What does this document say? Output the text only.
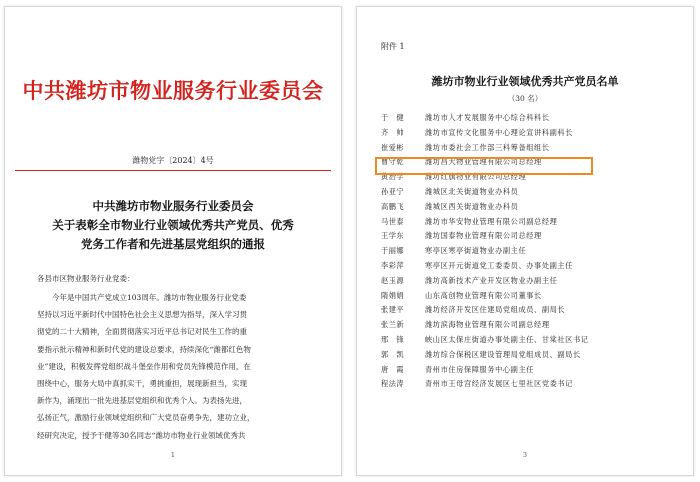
中共潍坊市物业服务行业委员会
潍物党字〔2024〕4号
中共潍坊市物业服务行业委员会
关于表彰全市物业行业领域优秀共产党员、优秀
党务工作者和先进基层党组织的通报
各县市区物业服务行业党委：
今年是中国共产党成立103周年。潍坊市物业服务行业党委
坚持以习近平新时代中国特色社会主义思想为指导，深入学习贯
彻党的二十大精神，全面贯彻落实习近平总书记对民生工作的重
要指示批示精神和新时代党的建设总要求，持续深化“潍都红色物
业”建设，积极发挥党组织战斗堡垒作用和党员先锋模范作用，在
围绕中心，服务大局中真抓实干，勇挑重担，展现新担当，实现
新作为，涌现出一批先进基层党组织和优秀个人。为表扬先进，
弘扬正气，激励行业领域党组织和广大党员奋勇争先，建功立业，
经研究决定，授予于健等30名同志“潍坊市物业行业领域优秀共
1
附件 1
潍坊市物业行业领域优秀共产党员名单
（30 名）
于　健	潍坊市人才发展服务中心综合科科长
齐　帅	潍坊市宣传文化服务中心理论宣讲科副科长
崔爱彬	潍坊市委社会工作部三科筹备组组长
曹守乾	潍坊昌大物业管理有限公司总经理
黄治学	潍坊红旗物业有限公司总经理
孙亚宁	潍城区北关街道物业办科员
高鹏飞	潍城区西关街道物业办科员
马世泰	潍坊市华安物业管理有限公司副总经理
王学东	潍坊国泰物业管理有限公司总经理
于丽娜	寒亭区寒亭街道物业办副主任
李彩萍	寒亭区开元街道党工委委员、办事处副主任
赵玉源	潍坊高新技术产业开发区物业办副主任
隋娟娟	山东高创物业管理有限公司董事长
张建平	潍坊经济开发区住建局党组成员、副局长
张兰新	潍坊滨海物业管理有限公司副总经理
邢　锋	峡山区太保庄街道办事处副主任、甘棠社区书记
郭　凯	潍坊综合保税区建设管理局党组成员、副局长
唐　霞	青州市住房保障服务中心副主任
程法涛	青州市王母宫经济发展区七里社区党委书记
3
